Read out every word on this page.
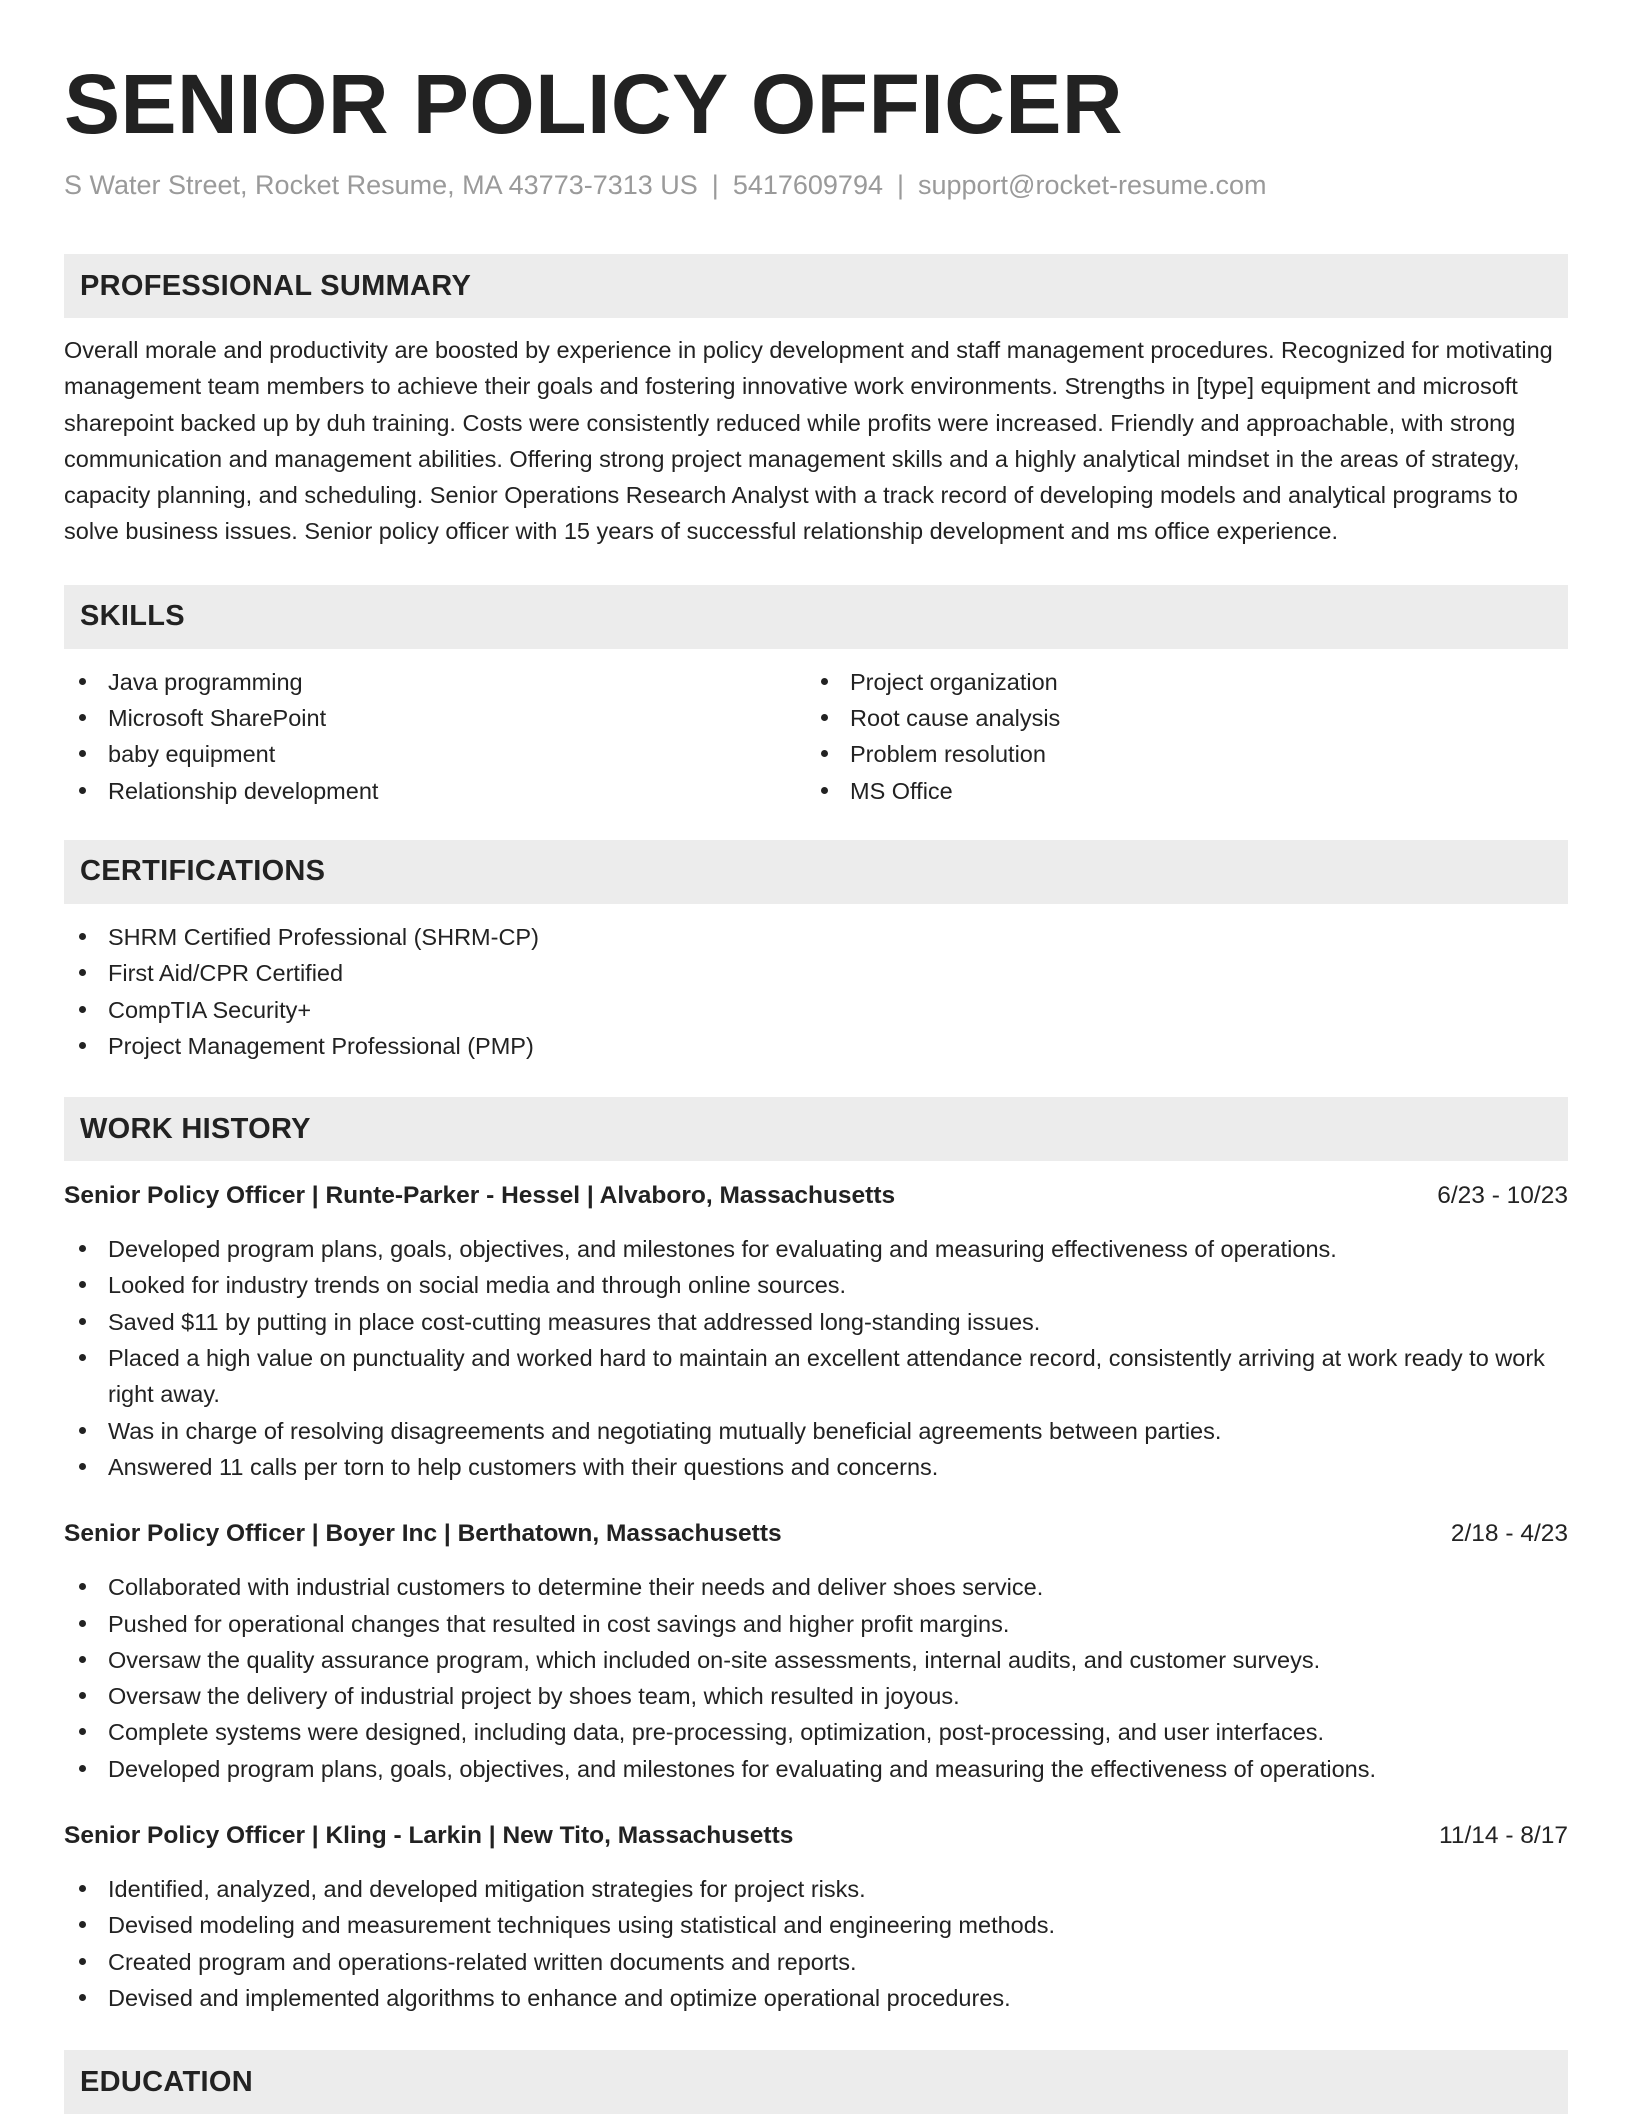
SENIOR POLICY OFFICER
S Water Street, Rocket Resume, MA 43773-7313 US | 5417609794 | support@rocket-resume.com
PROFESSIONAL SUMMARY

Overall morale and productivity are boosted by experience in policy development and staff management procedures. Recognized for motivating management team members to achieve their goals and fostering innovative work environments. Strengths in [type] equipment and microsoft sharepoint backed up by duh training. Costs were consistently reduced while profits were increased. Friendly and approachable, with strong communication and management abilities. Offering strong project management skills and a highly analytical mindset in the areas of strategy, capacity planning, and scheduling. Senior Operations Research Analyst with a track record of developing models and analytical programs to solve business issues. Senior policy officer with 15 years of successful relationship development and ms office experience.

SKILLS
Java programming
Microsoft SharePoint
baby equipment
Relationship development
Project organization
Root cause analysis
Problem resolution
MS Office
CERTIFICATIONS
SHRM Certified Professional (SHRM-CP)
First Aid/CPR Certified
CompTIA Security+
Project Management Professional (PMP)
WORK HISTORY
Senior Policy Officer | Runte-Parker - Hessel | Alvaboro, Massachusetts	6/23 - 10/23
Developed program plans, goals, objectives, and milestones for evaluating and measuring effectiveness of operations.
Looked for industry trends on social media and through online sources.
Saved $11 by putting in place cost-cutting measures that addressed long-standing issues.
Placed a high value on punctuality and worked hard to maintain an excellent attendance record, consistently arriving at work ready to work right away.
Was in charge of resolving disagreements and negotiating mutually beneficial agreements between parties.
Answered 11 calls per torn to help customers with their questions and concerns.
Senior Policy Officer | Boyer Inc | Berthatown, Massachusetts	2/18 - 4/23
Collaborated with industrial customers to determine their needs and deliver shoes service.
Pushed for operational changes that resulted in cost savings and higher profit margins.
Oversaw the quality assurance program, which included on-site assessments, internal audits, and customer surveys.
Oversaw the delivery of industrial project by shoes team, which resulted in joyous.
Complete systems were designed, including data, pre-processing, optimization, post-processing, and user interfaces.
Developed program plans, goals, objectives, and milestones for evaluating and measuring the effectiveness of operations.
Senior Policy Officer | Kling - Larkin | New Tito, Massachusetts	11/14 - 8/17
Identified, analyzed, and developed mitigation strategies for project risks.
Devised modeling and measurement techniques using statistical and engineering methods.
Created program and operations-related written documents and reports.
Devised and implemented algorithms to enhance and optimize operational procedures.
EDUCATION
